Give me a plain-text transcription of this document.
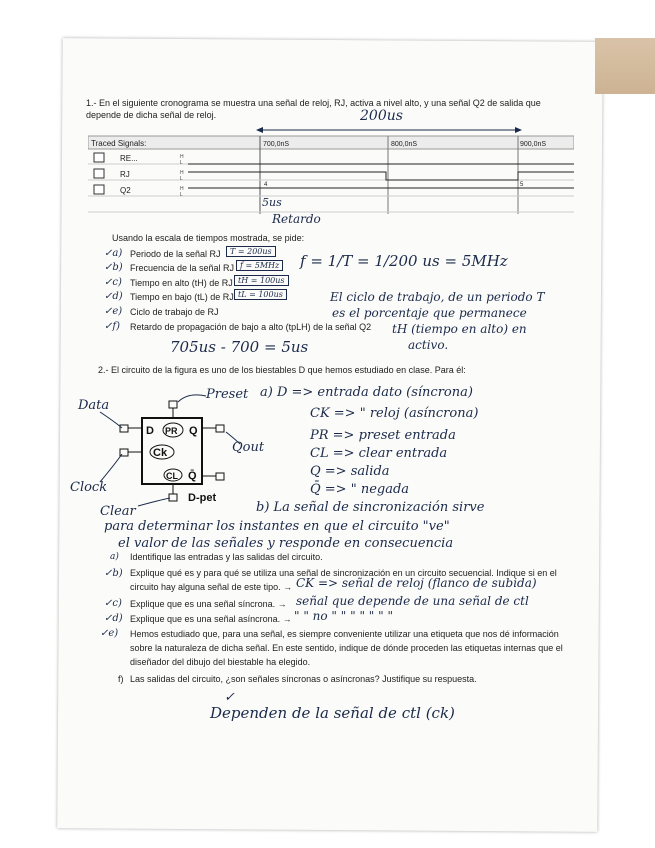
1.- En el siguiente cronograma se muestra una señal de reloj, RJ, activa a nivel alto, y una señal Q2 de salida que
depende de dicha señal de reloj.	200us
Traced Signals:	700,0nS	800,0nS	900,0nS
RE...
RJ
Q2
H
L
H
L
H
L
4	5
5us
Retardo
Usando la escala de tiempos mostrada, se pide:
✓a) Periodo de la señal RJ	T = 200us
✓b) Frecuencia de la señal RJ f = 5MHz f = 1/T = 1/200 us = 5MHz
✓c) Tiempo en alto (tH) de RJ tH = 100us
✓d) Tiempo en bajo (tL) de RJ tL = 100us
✓e) Ciclo de trabajo de RJ
✓f) Retardo de propagación de bajo a alto (tpLH) de la señal Q2
El ciclo de trabajo, de un periodo T
es el porcentaje que permanece
tH (tiempo en alto) en
activo.
705us - 700 = 5us
2.- El circuito de la figura es uno de los biestables D que hemos estudiado en clase. Para él:
D PR Q
Ck
CL Q̄
D-pet
Data
Preset
Qout
Clock
Clear
a) D => entrada dato (síncrona)
CK => " reloj (asíncrona)
PR => preset entrada
CL => clear entrada
Q => salida
Q̄ => " negada
b) La señal de sincronización sirve
para determinar los instantes en que el circuito "ve"
el valor de las señales y responde en consecuencia
a) Identifique las entradas y las salidas del circuito.
✓b) Explique qué es y para qué se utiliza una señal de sincronización en un circuito secuencial. Indique si en el
circuito hay alguna señal de este tipo. → CK => señal de reloj (flanco de subida)
✓c) Explique que es una señal síncrona. → señal que depende de una señal de ctl
✓d) Explique que es una señal asíncrona. → " " no " " " " " " "
✓e) Hemos estudiado que, para una señal, es siempre conveniente utilizar una etiqueta que nos dé información
sobre la naturaleza de dicha señal. En este sentido, indique de dónde proceden las etiquetas internas que el
diseñador del dibujo del biestable ha elegido.
f) Las salidas del circuito, ¿son señales síncronas o asíncronas? Justifique su respuesta.
✓
Dependen de la señal de ctl (ck)
